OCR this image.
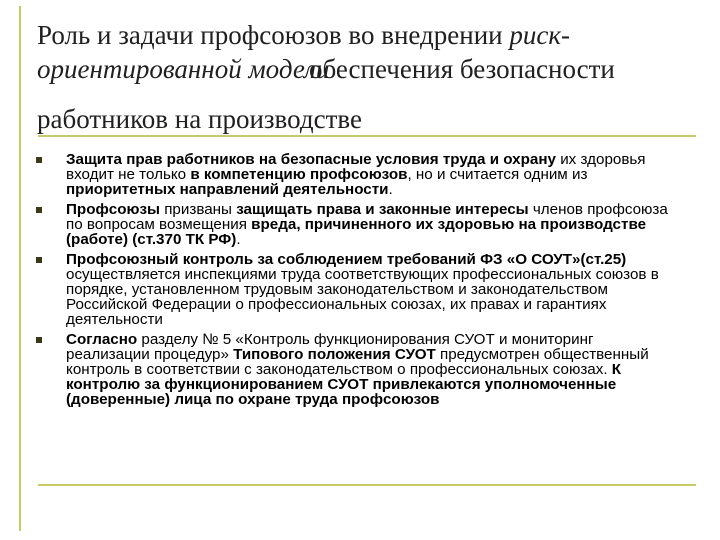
Роль и задачи профсоюзов во внедрении риск-
ориентированной модели
обеспечения безопасности
работников на производстве
Защита прав работников на безопасные условия труда и охрану их здоровья входит не только в компетенцию профсоюзов, но и считается одним из приоритетных направлений деятельности.
Профсоюзы призваны защищать права и законные интересы членов профсоюза по вопросам возмещения вреда, причиненного их здоровью на производстве (работе) (ст.370 ТК РФ).
Профсоюзный контроль за соблюдением требований ФЗ «О СОУТ»(ст.25) осуществляется инспекциями труда соответствующих профессиональных союзов в порядке, установленном трудовым законодательством и законодательством Российской Федерации о профессиональных союзах, их правах и гарантиях деятельности
Согласно разделу № 5 «Контроль функционирования СУОТ и мониторинг реализации процедур» Типового положения СУОТ предусмотрен общественный контроль в соответствии с законодательством о профессиональных союзах. К контролю за функционированием СУОТ привлекаются уполномоченные (доверенные) лица по охране труда профсоюзов
